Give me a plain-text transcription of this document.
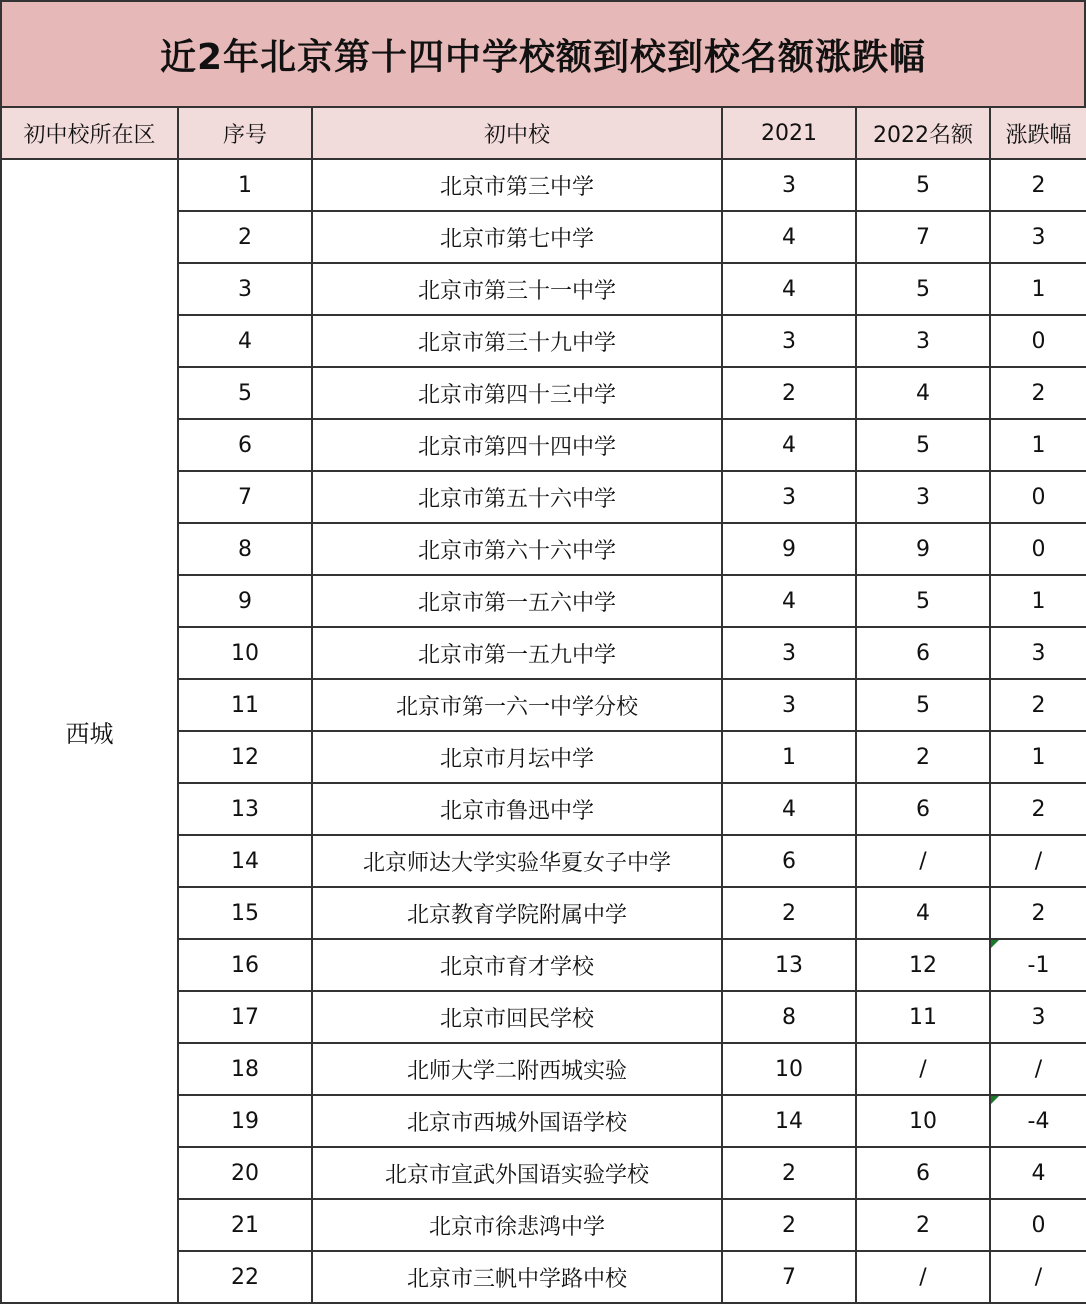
近2年北京第十四中学校额到校到校名额涨跌幅
初中校所在区	序号	初中校	2021	2022名额	涨跌幅
西城	1	北京市第三中学	3	5	2
	2	北京市第七中学	4	7	3
	3	北京市第三十一中学	4	5	1
	4	北京市第三十九中学	3	3	0
	5	北京市第四十三中学	2	4	2
	6	北京市第四十四中学	4	5	1
	7	北京市第五十六中学	3	3	0
	8	北京市第六十六中学	9	9	0
	9	北京市第一五六中学	4	5	1
	10	北京市第一五九中学	3	6	3
	11	北京市第一六一中学分校	3	5	2
	12	北京市月坛中学	1	2	1
	13	北京市鲁迅中学	4	6	2
	14	北京师达大学实验华夏女子中学	6	/	/
	15	北京教育学院附属中学	2	4	2
	16	北京市育才学校	13	12	-1
	17	北京市回民学校	8	11	3
	18	北师大学二附西城实验	10	/	/
	19	北京市西城外国语学校	14	10	-4
	20	北京市宣武外国语实验学校	2	6	4
	21	北京市徐悲鸿中学	2	2	0
	22	北京市三帆中学路中校	7	/	/
